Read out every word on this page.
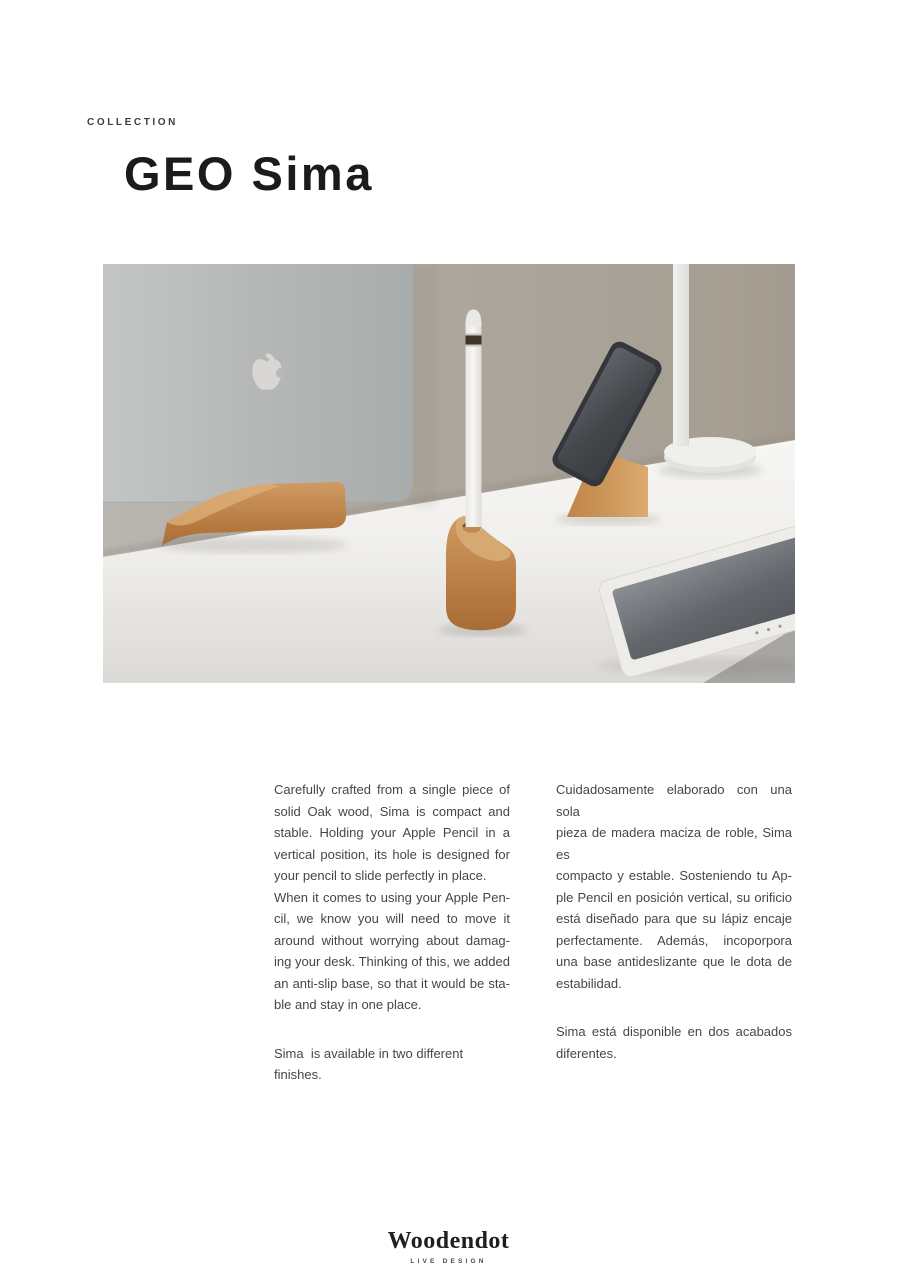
COLLECTION
GEO Sima
Carefully crafted from a single piece of
solid Oak wood, Sima is compact and
stable. Holding your Apple Pencil in a
vertical position, its hole is designed for
your pencil to slide perfectly in place.
When it comes to using your Apple Pen-
cil, we know you will need to move it
around without worrying about damag-
ing your desk. Thinking of this, we added
an anti-slip base, so that it would be sta-
ble and stay in one place.
Sima  is available in two different
finishes.
Cuidadosamente elaborado con una sola
pieza de madera maciza de roble, Sima es
compacto y estable. Sosteniendo tu Ap-
ple Pencil en posición vertical, su orificio
está diseñado para que su lápiz encaje
perfectamente. Además, incoporpora
una base antideslizante que le dota de
estabilidad.
Sima está disponible en dos acabados
diferentes.
Woodendot
LIVE DESIGN
